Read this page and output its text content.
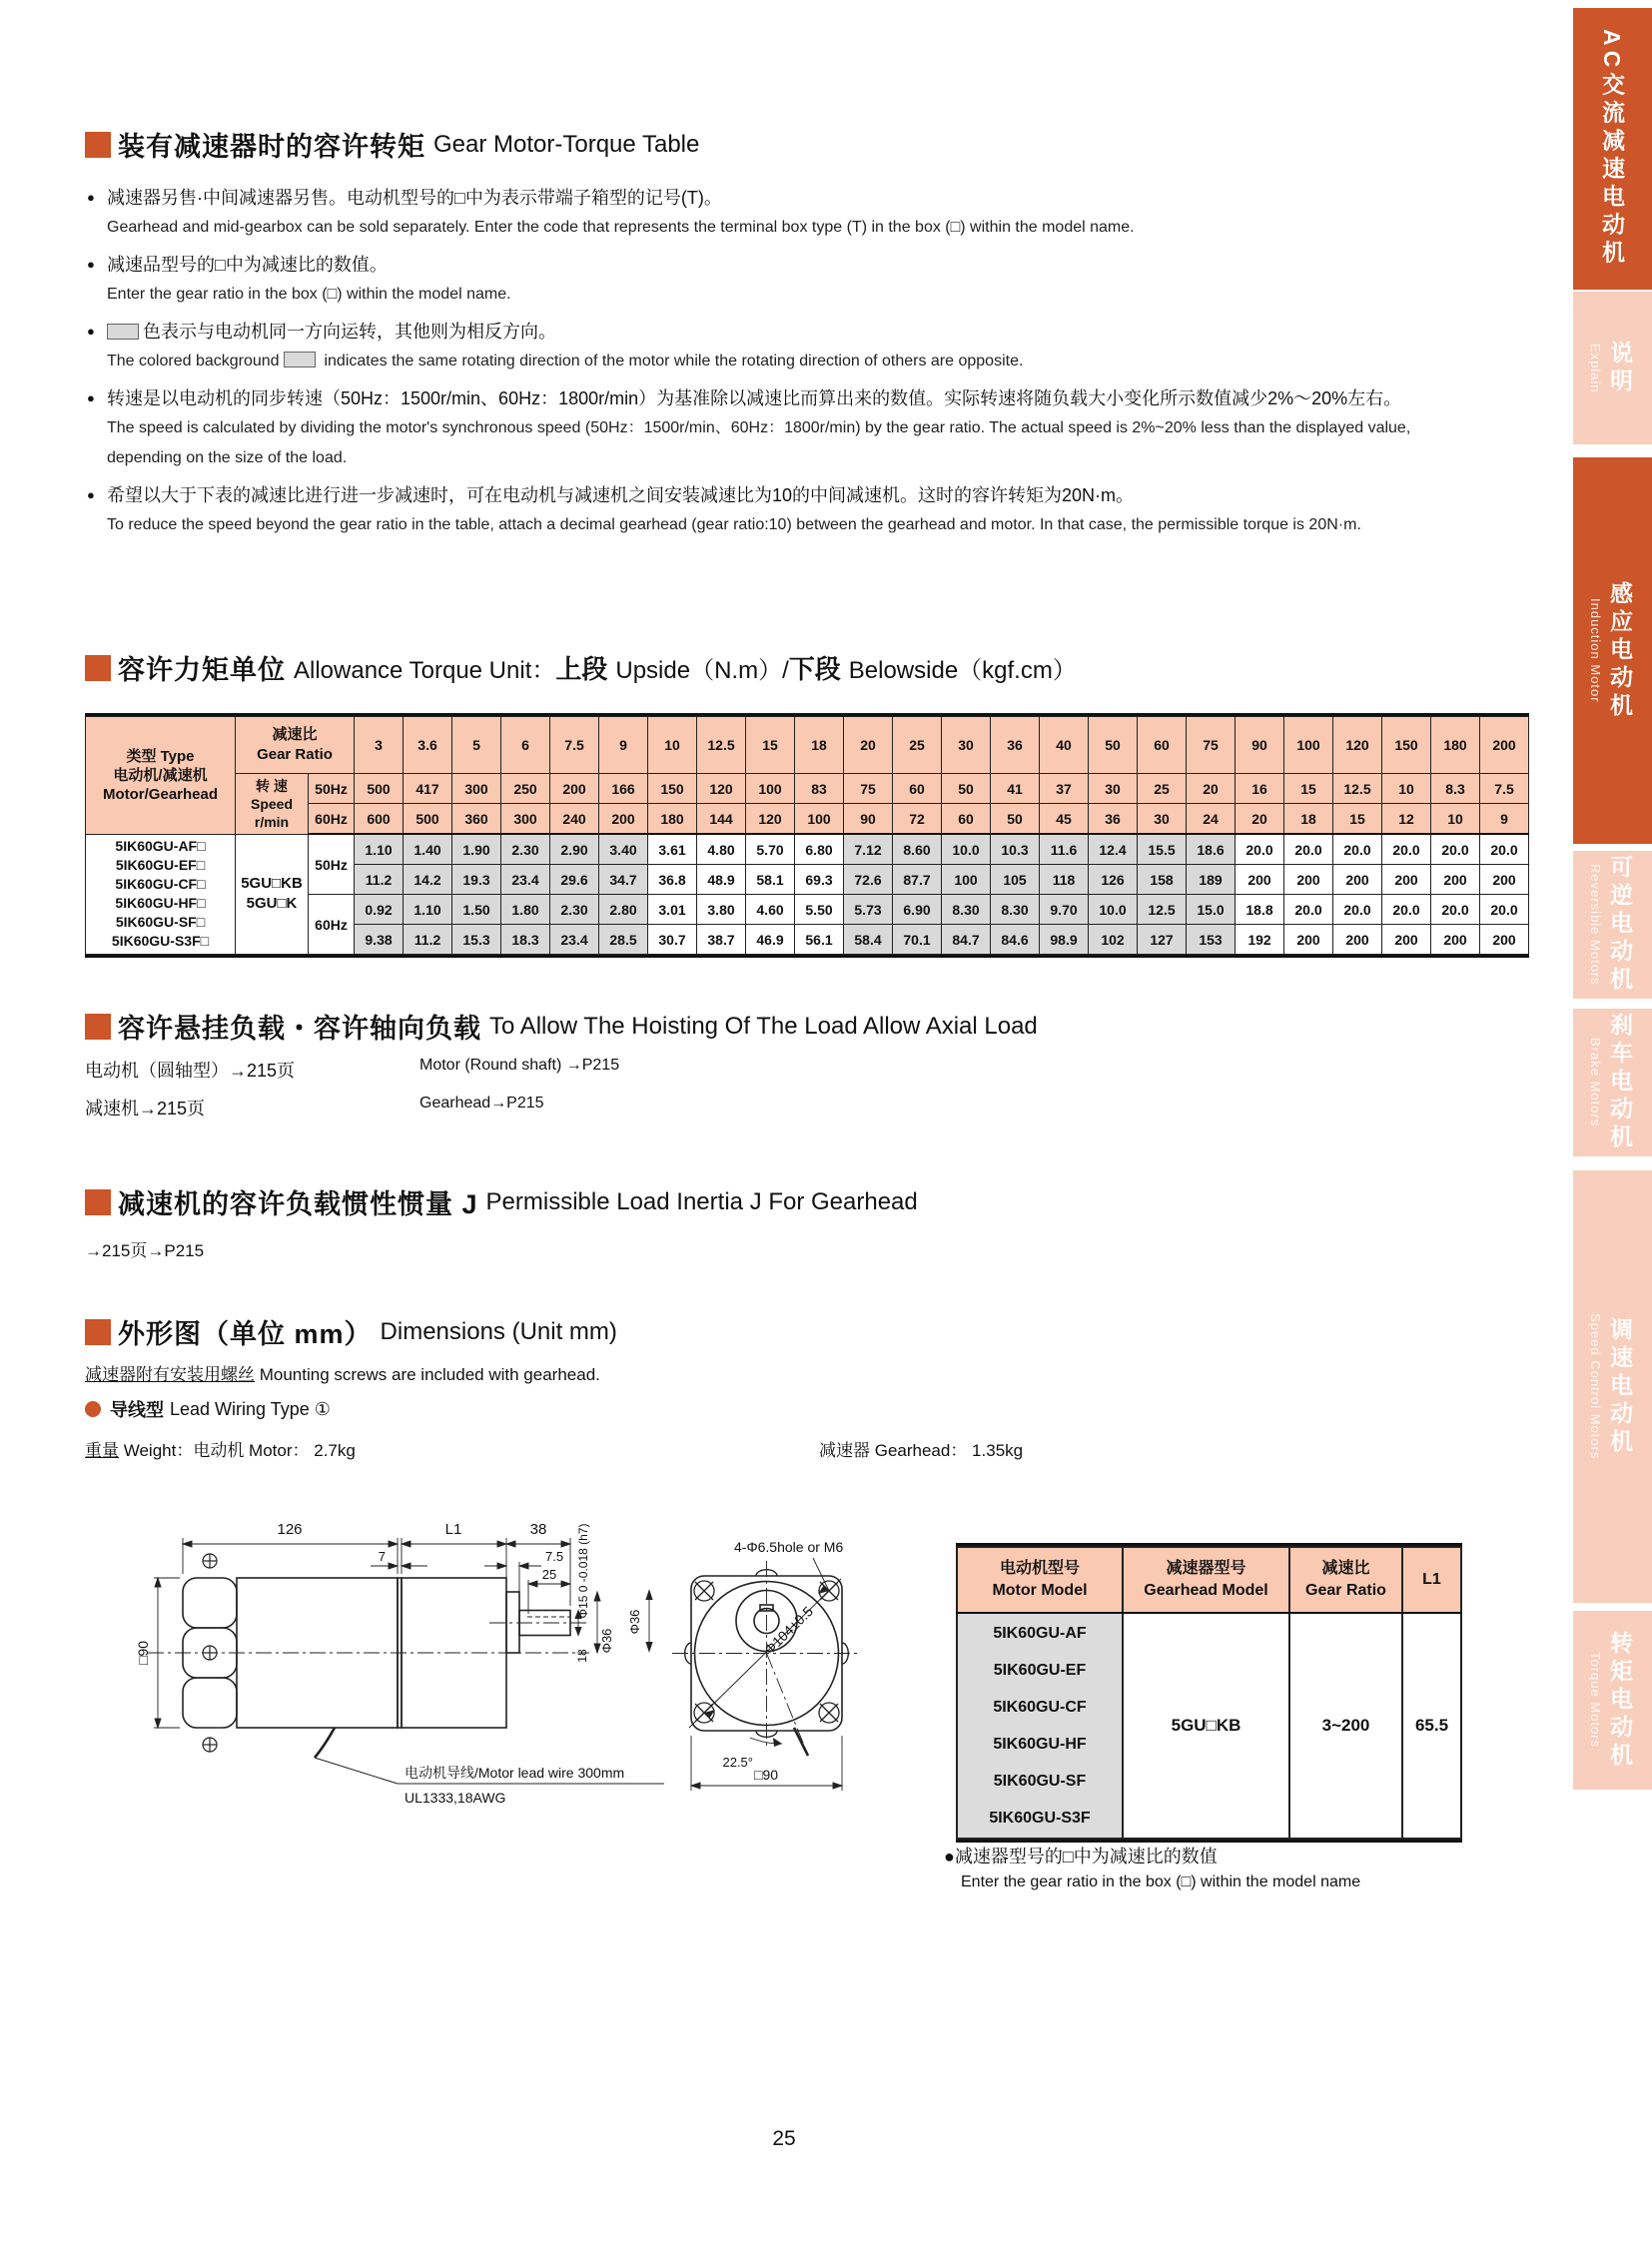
装有减速器时的容许转矩 Gear Motor-Torque Table
● 减速器另售·中间减速器另售。电动机型号的□中为表示带端子箱型的记号(T)。
Gearhead and mid-gearbox can be sold separately. Enter the code that represents the terminal box type (T) in the box (□) within the model name.
● 减速品型号的□中为减速比的数值。
Enter the gear ratio in the box (□) within the model name.
●	色表示与电动机同一方向运转，其他则为相反方向。
The colored background	indicates the same rotating direction of the motor while the rotating direction of others are opposite.
● 转速是以电动机的同步转速（50Hz：1500r/min、60Hz：1800r/min）为基准除以减速比而算出来的数值。实际转速将随负载大小变化所示数值减少2%～20%左右。
The speed is calculated by dividing the motor's synchronous speed (50Hz：1500r/min、60Hz：1800r/min) by the gear ratio. The actual speed is 2%~20% less than the displayed value, depending on the size of the load.
● 希望以大于下表的减速比进行进一步减速时，可在电动机与减速机之间安装减速比为10的中间减速机。这时的容许转矩为20N·m。
To reduce the speed beyond the gear ratio in the table, attach a decimal gearhead (gear ratio:10) between the gearhead and motor. In that case, the permissible torque is 20N·m.
容许力矩单位 Allowance Torque Unit： 上段 Upside（N.m）/ 下段 Belowside（kgf.cm）
类型 Type
电动机/减速机
Motor/Gearhead

减速比
Gear Ratio
	3	3.6	5	6	7.5	9	10	12.5	15	18	20	25	30	36	40	50	60	75	90	100	120	150	180	200

	转 速
Speed r/min	50Hz	500	417	300	250	200	166	150	120	100	83	75	60	50	41	37	30	25	20	16	15	12.5	10	8.3	7.5
		60Hz	600	500	360	300	240	200	180	144	120	100	90	72	60	50	45	36	30	24	20	18	15	12	10	9

5IK60GU-AF□
5IK60GU-EF□
5IK60GU-CF□
5IK60GU-HF□
5IK60GU-SF□
5IK60GU-S3F□

5GU□KB
5GU□K
	50Hz	1.10	1.40	1.90	2.30	2.90	3.40	3.61	4.80	5.70	6.80	7.12	8.60	10.0	10.3	11.6	12.4	15.5	18.6	20.0	20.0	20.0	20.0	20.0	20.0
			11.2	14.2	19.3	23.4	29.6	34.7	36.8	48.9	58.1	69.3	72.6	87.7	100	105	118	126	158	189	200	200	200	200	200	200
		60Hz	0.92	1.10	1.50	1.80	2.30	2.80	3.01	3.80	4.60	5.50	5.73	6.90	8.30	8.30	9.70	10.0	12.5	15.0	18.8	20.0	20.0	20.0	20.0	20.0
			9.38	11.2	15.3	18.3	23.4	28.5	30.7	38.7	46.9	56.1	58.4	70.1	84.7	84.6	98.9	102	127	153	192	200	200	200	200	200
容许悬挂负载・容许轴向负载 To Allow The Hoisting Of The Load Allow Axial Load
电动机（圆轴型）→215页	Motor (Round shaft) →P215
减速机→215页	Gearhead→P215
减速机的容许负载惯性惯量 J Permissible Load Inertia J For Gearhead
→215页→P215
外形图（单位 mm） Dimensions (Unit mm)
减速器附有安装用螺丝 Mounting screws are included with gearhead.
导线型 Lead Wiring Type ①
重量 Weight：电动机 Motor： 2.7kg	减速器 Gearhead： 1.35kg
126	L1	38
7	7.5
25 Φ15 0 -0.018 (h7)
18
Φ36
□90
电动机导线/Motor lead wire 300mm
UL1333,18AWG
4-Φ6.5hole or M6
Φ104±0.5
22.5°
□90
Φ36
电动机型号
Motor Model

减速器型号
Gearhead Model

减速比
Gear Ratio
	L1

5IK60GU-AF
5IK60GU-EF
5IK60GU-CF
5IK60GU-HF
5IK60GU-SF
5IK60GU-S3F
	5GU□KB	3~200	65.5
●减速器型号的□中为减速比的数值
Enter the gear ratio in the box (□) within the model name
AC交流减速电动机
Explain 说明
Induction Motor 感应电动机
Reversible Motors 可逆电动机
Brake Motors 刹车电动机
Speed Control Motors 调速电动机
Torque Motors 转矩电动机
25
